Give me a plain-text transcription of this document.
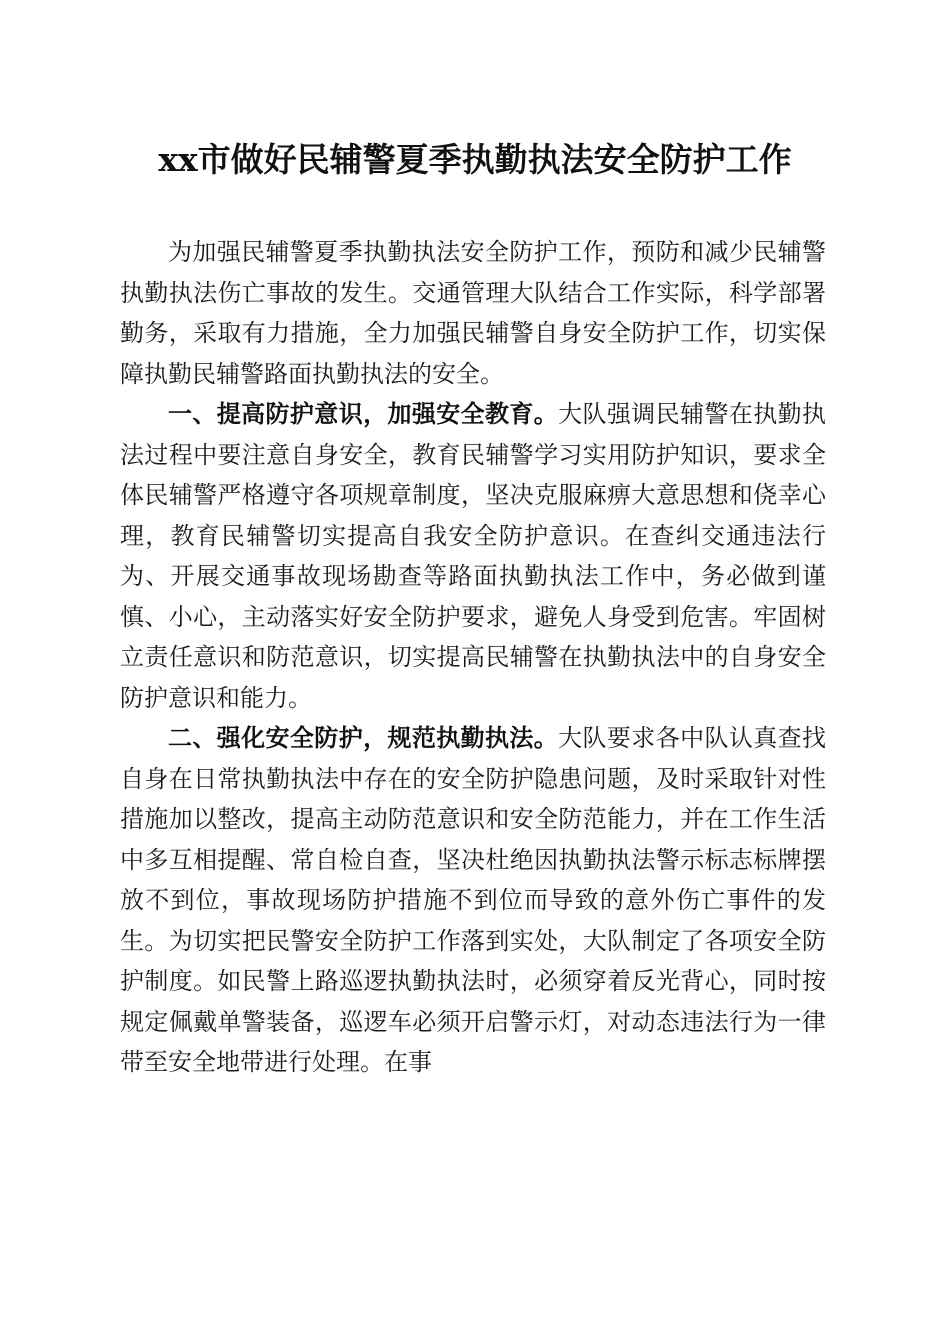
xx市做好民辅警夏季执勤执法安全防护工作

为加强民辅警夏季执勤执法安全防护工作，预防和减少民辅警执勤执法伤亡事故的发生。交通管理大队结合工作实际，科学部署勤务，采取有力措施，全力加强民辅警自身安全防护工作，切实保障执勤民辅警路面执勤执法的安全。

一、提高防护意识，加强安全教育。大队强调民辅警在执勤执法过程中要注意自身安全，教育民辅警学习实用防护知识，要求全体民辅警严格遵守各项规章制度，坚决克服麻痹大意思想和侥幸心理，教育民辅警切实提高自我安全防护意识。在查纠交通违法行为、开展交通事故现场勘查等路面执勤执法工作中，务必做到谨慎、小心，主动落实好安全防护要求，避免人身受到危害。牢固树立责任意识和防范意识，切实提高民辅警在执勤执法中的自身安全防护意识和能力。

二、强化安全防护，规范执勤执法。大队要求各中队认真查找自身在日常执勤执法中存在的安全防护隐患问题，及时采取针对性措施加以整改，提高主动防范意识和安全防范能力，并在工作生活中多互相提醒、常自检自查，坚决杜绝因执勤执法警示标志标牌摆放不到位，事故现场防护措施不到位而导致的意外伤亡事件的发生。为切实把民警安全防护工作落到实处，大队制定了各项安全防护制度。如民警上路巡逻执勤执法时，必须穿着反光背心，同时按规定佩戴单警装备，巡逻车必须开启警示灯，对动态违法行为一律带至安全地带进行处理。在事
